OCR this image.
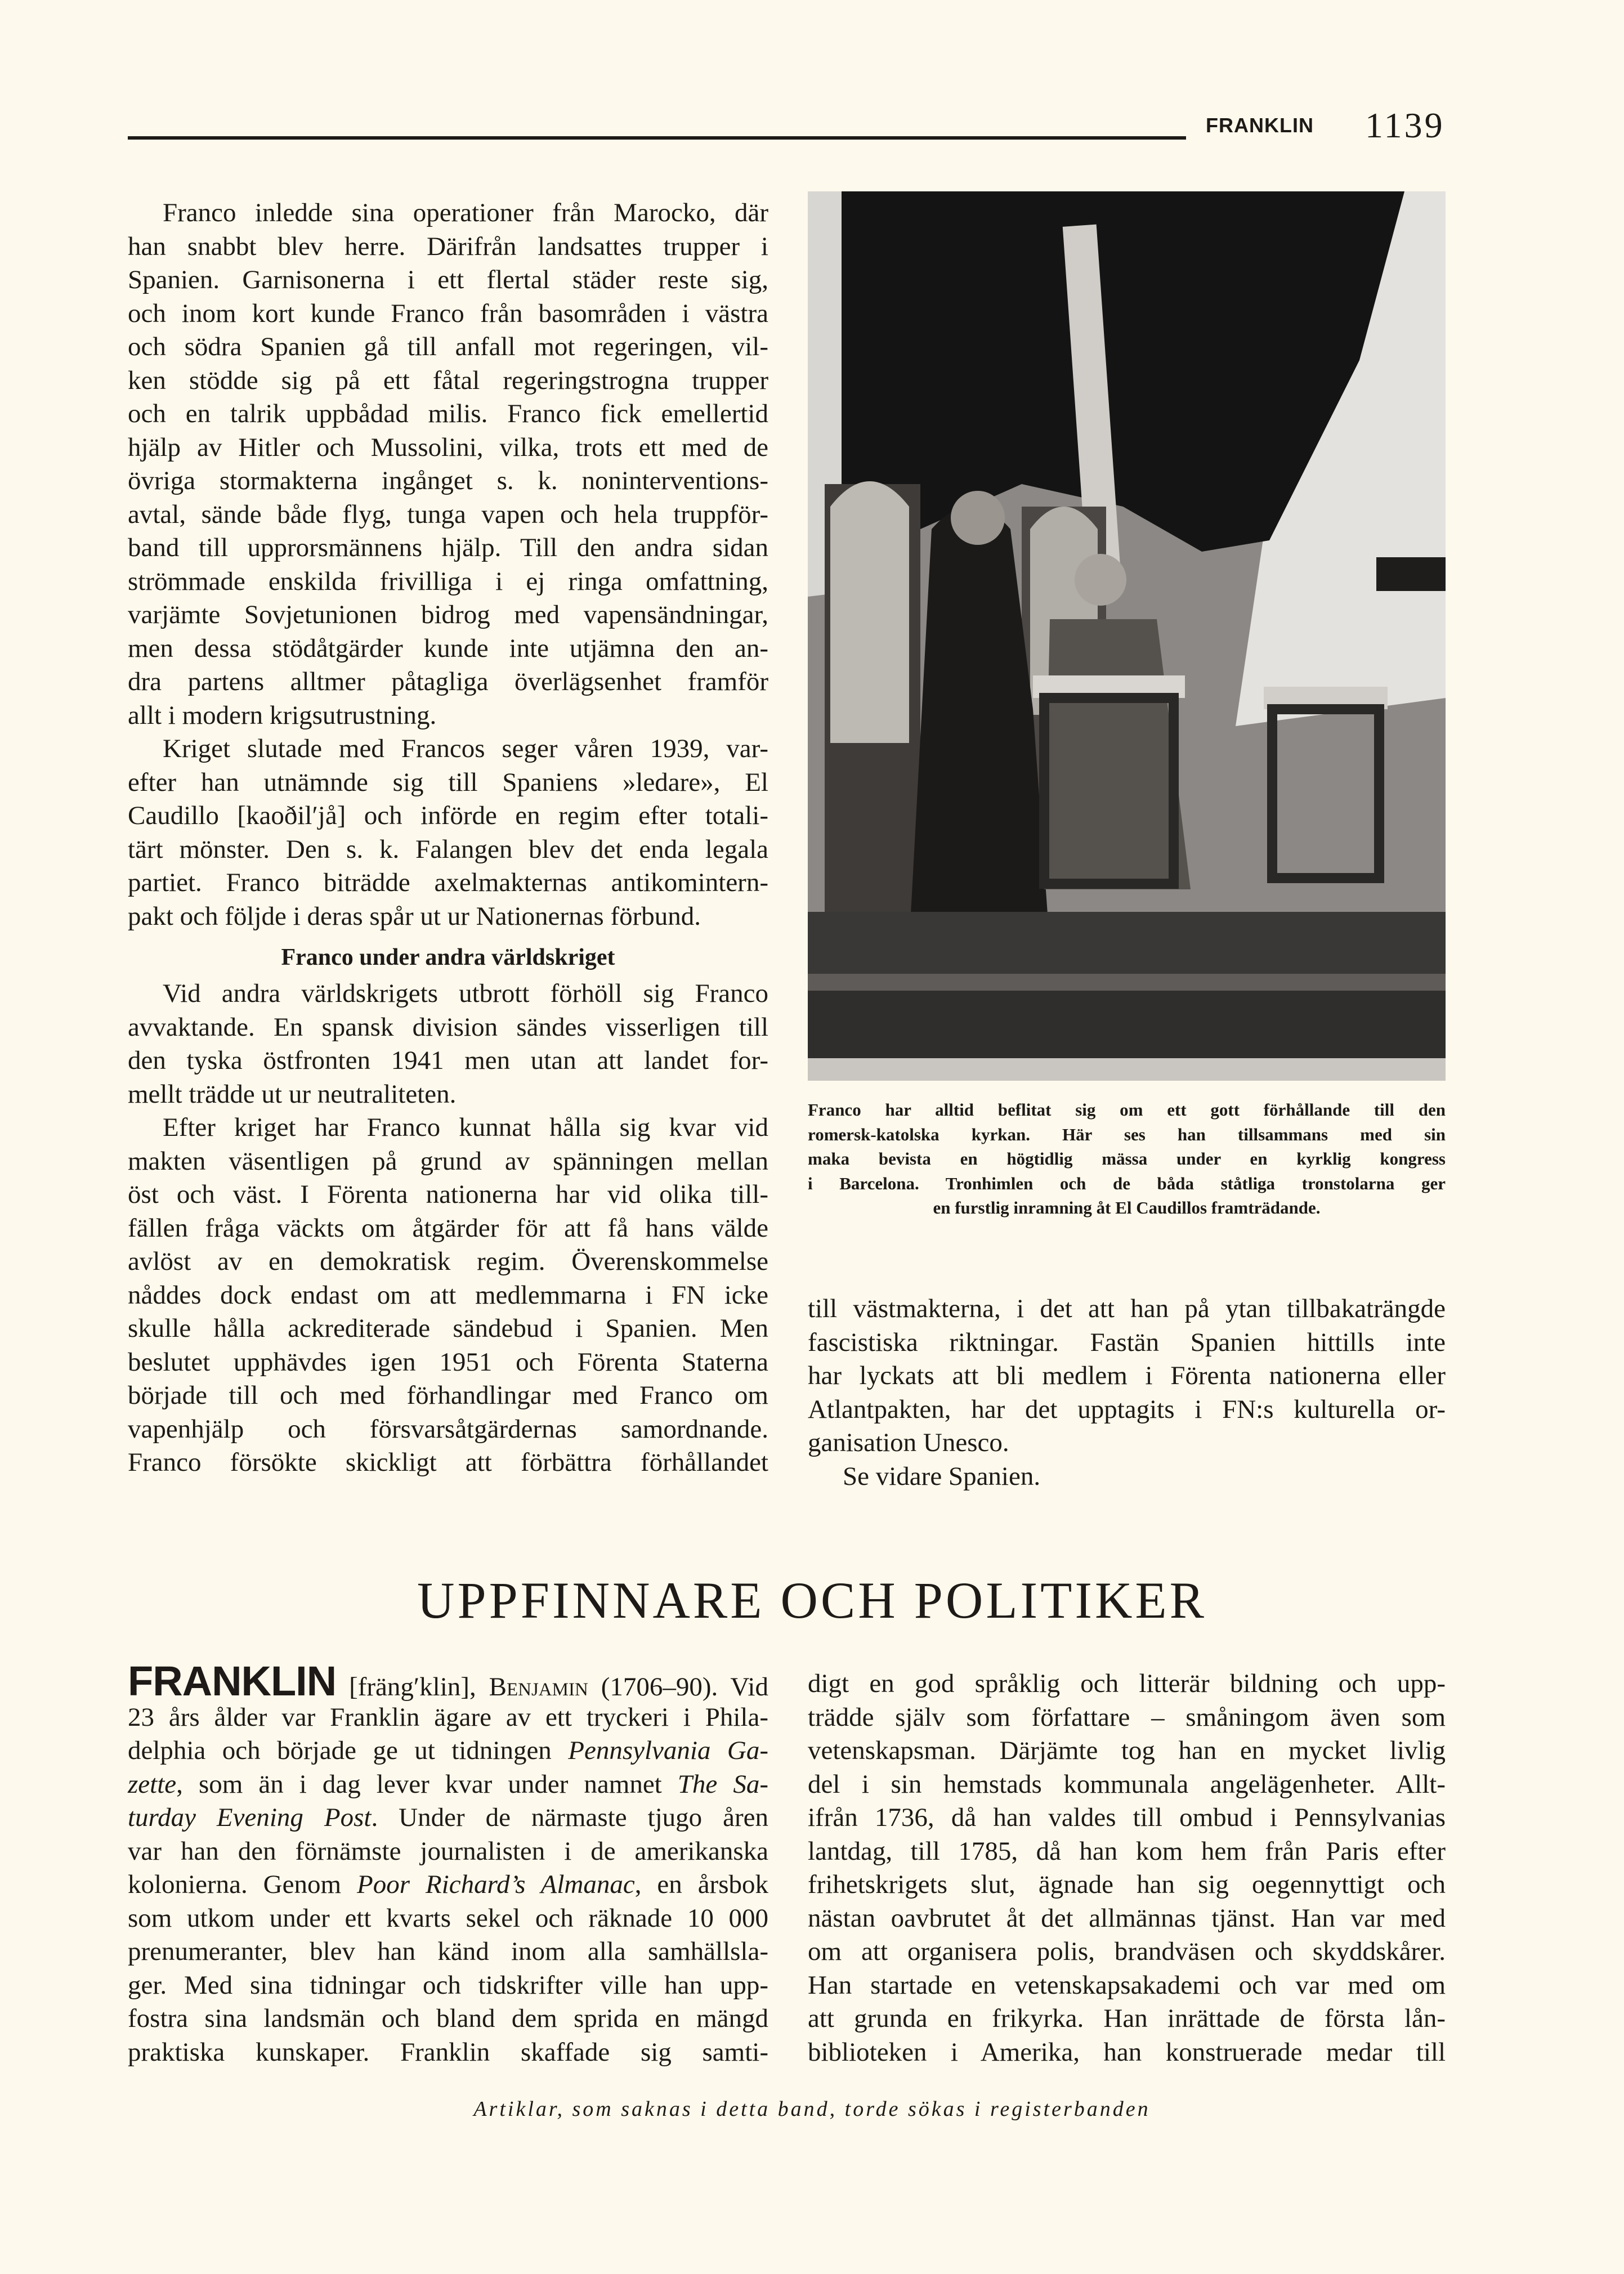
FRANKLIN 1139
Franco inledde sina operationer från Marocko, där
han snabbt blev herre. Därifrån landsattes trupper i
Spanien. Garnisonerna i ett flertal städer reste sig,
och inom kort kunde Franco från basområden i västra
och södra Spanien gå till anfall mot regeringen, vil-
ken stödde sig på ett fåtal regeringstrogna trupper
och en talrik uppbådad milis. Franco fick emellertid
hjälp av Hitler och Mussolini, vilka, trots ett med de
övriga stormakterna ingånget s. k. noninterventions-
avtal, sände både flyg, tunga vapen och hela truppför-
band till upprorsmännens hjälp. Till den andra sidan
strömmade enskilda frivilliga i ej ringa omfattning,
varjämte Sovjetunionen bidrog med vapensändningar,
men dessa stödåtgärder kunde inte utjämna den an-
dra partens alltmer påtagliga överlägsenhet framför
allt i modern krigsutrustning.
Kriget slutade med Francos seger våren 1939, var-
efter han utnämnde sig till Spaniens »ledare», El
Caudillo [kaoðil′jå] och införde en regim efter totali-
tärt mönster. Den s. k. Falangen blev det enda legala
partiet. Franco biträdde axelmakternas antikomintern-
pakt och följde i deras spår ut ur Nationernas förbund.
Franco under andra världskriget
Vid andra världskrigets utbrott förhöll sig Franco
avvaktande. En spansk division sändes visserligen till
den tyska östfronten 1941 men utan att landet for-
mellt trädde ut ur neutraliteten.
Efter kriget har Franco kunnat hålla sig kvar vid
makten väsentligen på grund av spänningen mellan
öst och väst. I Förenta nationerna har vid olika till-
fällen fråga väckts om åtgärder för att få hans välde
avlöst av en demokratisk regim. Överenskommelse
nåddes dock endast om att medlemmarna i FN icke
skulle hålla ackrediterade sändebud i Spanien. Men
beslutet upphävdes igen 1951 och Förenta Staterna
började till och med förhandlingar med Franco om
vapenhjälp och försvarsåtgärdernas samordnande.
Franco försökte skickligt att förbättra förhållandet
Franco har alltid beflitat sig om ett gott förhållande till den
romersk-katolska kyrkan. Här ses han tillsammans med sin
maka bevista en högtidlig mässa under en kyrklig kongress
i Barcelona. Tronhimlen och de båda ståtliga tronstolarna ger
en furstlig inramning åt El Caudillos framträdande.
till västmakterna, i det att han på ytan tillbakaträngde
fascistiska riktningar. Fastän Spanien hittills inte
har lyckats att bli medlem i Förenta nationerna eller
Atlantpakten, har det upptagits i FN:s kulturella or-
ganisation Unesco.
Se vidare Spanien.
UPPFINNARE OCH POLITIKER
FRANKLIN [fräng′klin], Benjamin (1706–90). Vid
23 års ålder var Franklin ägare av ett tryckeri i Phila-
delphia och började ge ut tidningen Pennsylvania Ga-
zette, som än i dag lever kvar under namnet The Sa-
turday Evening Post. Under de närmaste tjugo åren
var han den förnämste journalisten i de amerikanska
kolonierna. Genom Poor Richard’s Almanac, en årsbok
som utkom under ett kvarts sekel och räknade 10 000
prenumeranter, blev han känd inom alla samhällsla-
ger. Med sina tidningar och tidskrifter ville han upp-
fostra sina landsmän och bland dem sprida en mängd
praktiska kunskaper. Franklin skaffade sig samti-
digt en god språklig och litterär bildning och upp-
trädde själv som författare – småningom även som
vetenskapsman. Därjämte tog han en mycket livlig
del i sin hemstads kommunala angelägenheter. Allt-
ifrån 1736, då han valdes till ombud i Pennsylvanias
lantdag, till 1785, då han kom hem från Paris efter
frihetskrigets slut, ägnade han sig oegennyttigt och
nästan oavbrutet åt det allmännas tjänst. Han var med
om att organisera polis, brandväsen och skyddskårer.
Han startade en vetenskapsakademi och var med om
att grunda en frikyrka. Han inrättade de första lån-
biblioteken i Amerika, han konstruerade medar till
Artiklar, som saknas i detta band, torde sökas i registerbanden
